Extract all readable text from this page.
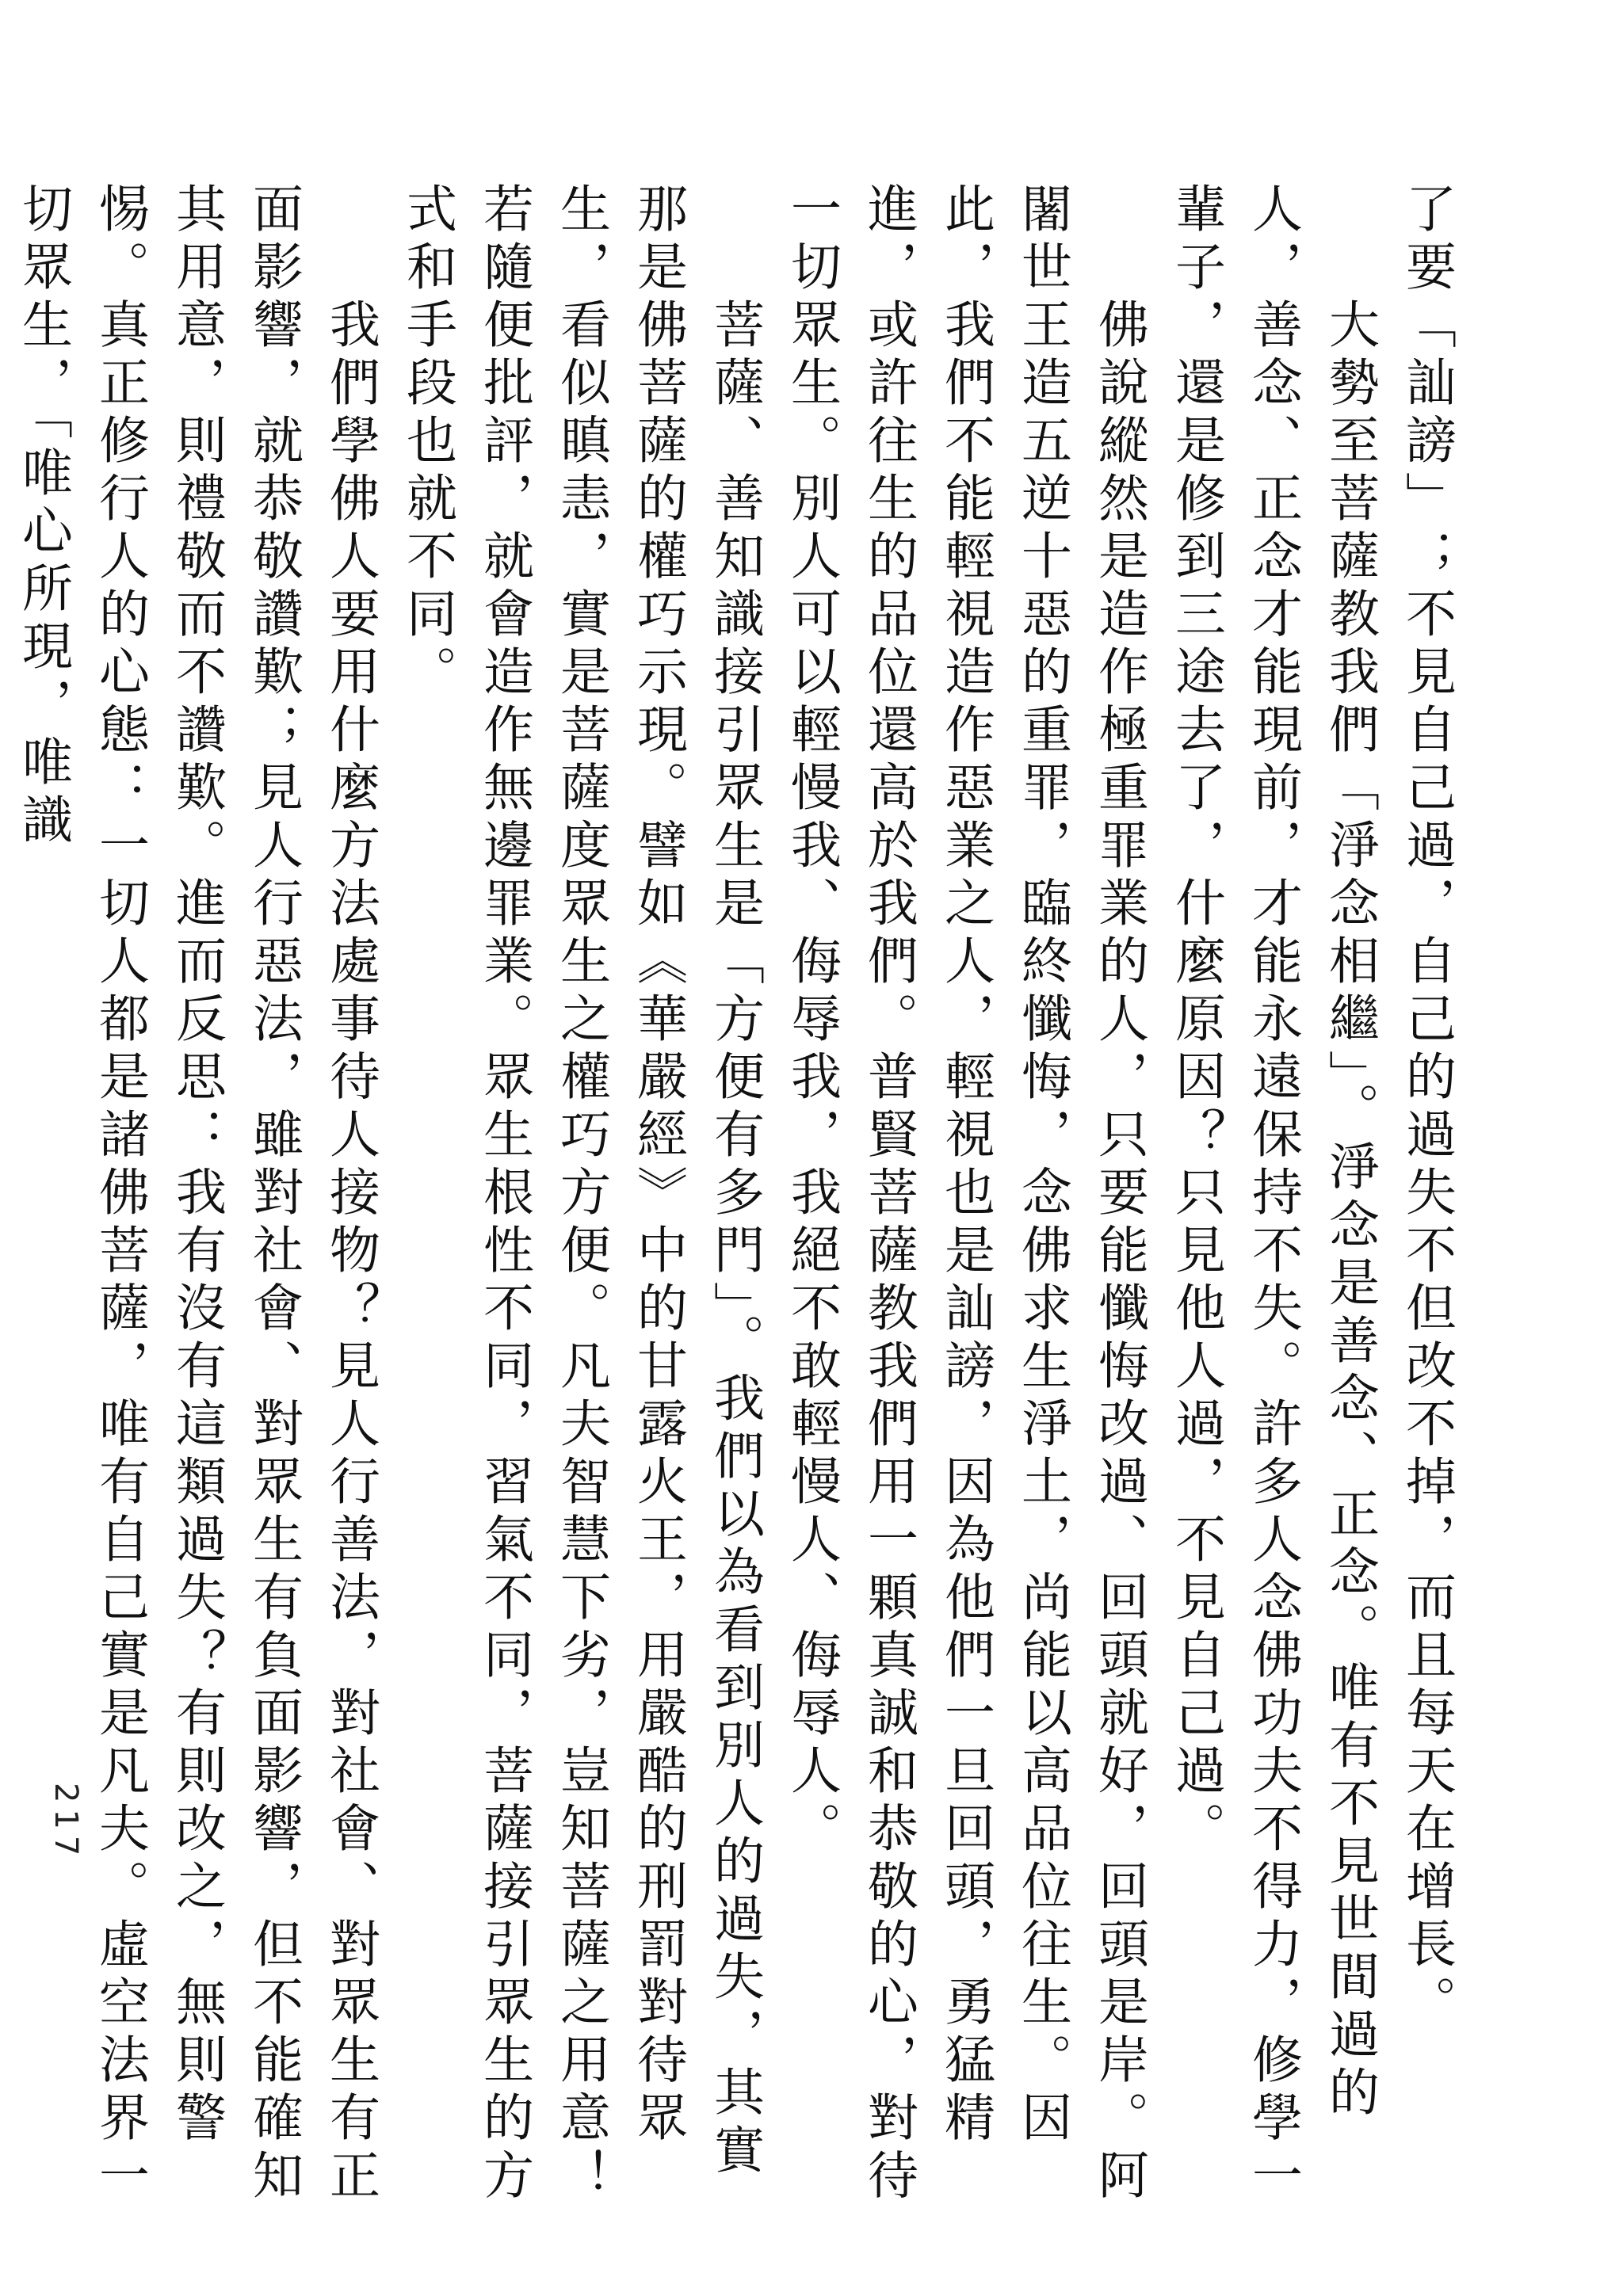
了要「訕謗」；不見自己過，自己的過失不但改不掉，而且每天在增長。

　　大勢至菩薩教我們「淨念相繼」。淨念是善念、正念。唯有不見世間過的人，善念、正念才能現前，才能永遠保持不失。許多人念佛功夫不得力，修學一輩子，還是修到三途去了，什麼原因？只見他人過，不見自己過。

　　佛說縱然是造作極重罪業的人，只要能懺悔改過、回頭就好，回頭是岸。阿闍世王造五逆十惡的重罪，臨終懺悔，念佛求生淨土，尚能以高品位往生。因此，我們不能輕視造作惡業之人，輕視也是訕謗，因為他們一旦回頭，勇猛精進，或許往生的品位還高於我們。普賢菩薩教我們用一顆真誠和恭敬的心，對待一切眾生。別人可以輕慢我、侮辱我，我絕不敢輕慢人、侮辱人。

　　菩薩、善知識接引眾生是「方便有多門」。我們以為看到別人的過失，其實那是佛菩薩的權巧示現。譬如《華嚴經》中的甘露火王，用嚴酷的刑罰對待眾生，看似瞋恚，實是菩薩度眾生之權巧方便。凡夫智慧下劣，豈知菩薩之用意！若隨便批評，就會造作無邊罪業。眾生根性不同，習氣不同，菩薩接引眾生的方式和手段也就不同。

　　我們學佛人要用什麼方法處事待人接物？見人行善法，對社會、對眾生有正面影響，就恭敬讚歎；見人行惡法，雖對社會、對眾生有負面影響，但不能確知其用意，則禮敬而不讚歎。進而反思：我有沒有這類過失？有則改之，無則警惕。真正修行人的心態：一切人都是諸佛菩薩，唯有自己實是凡夫。虛空法界一切眾生，「唯心所現，唯識

217
